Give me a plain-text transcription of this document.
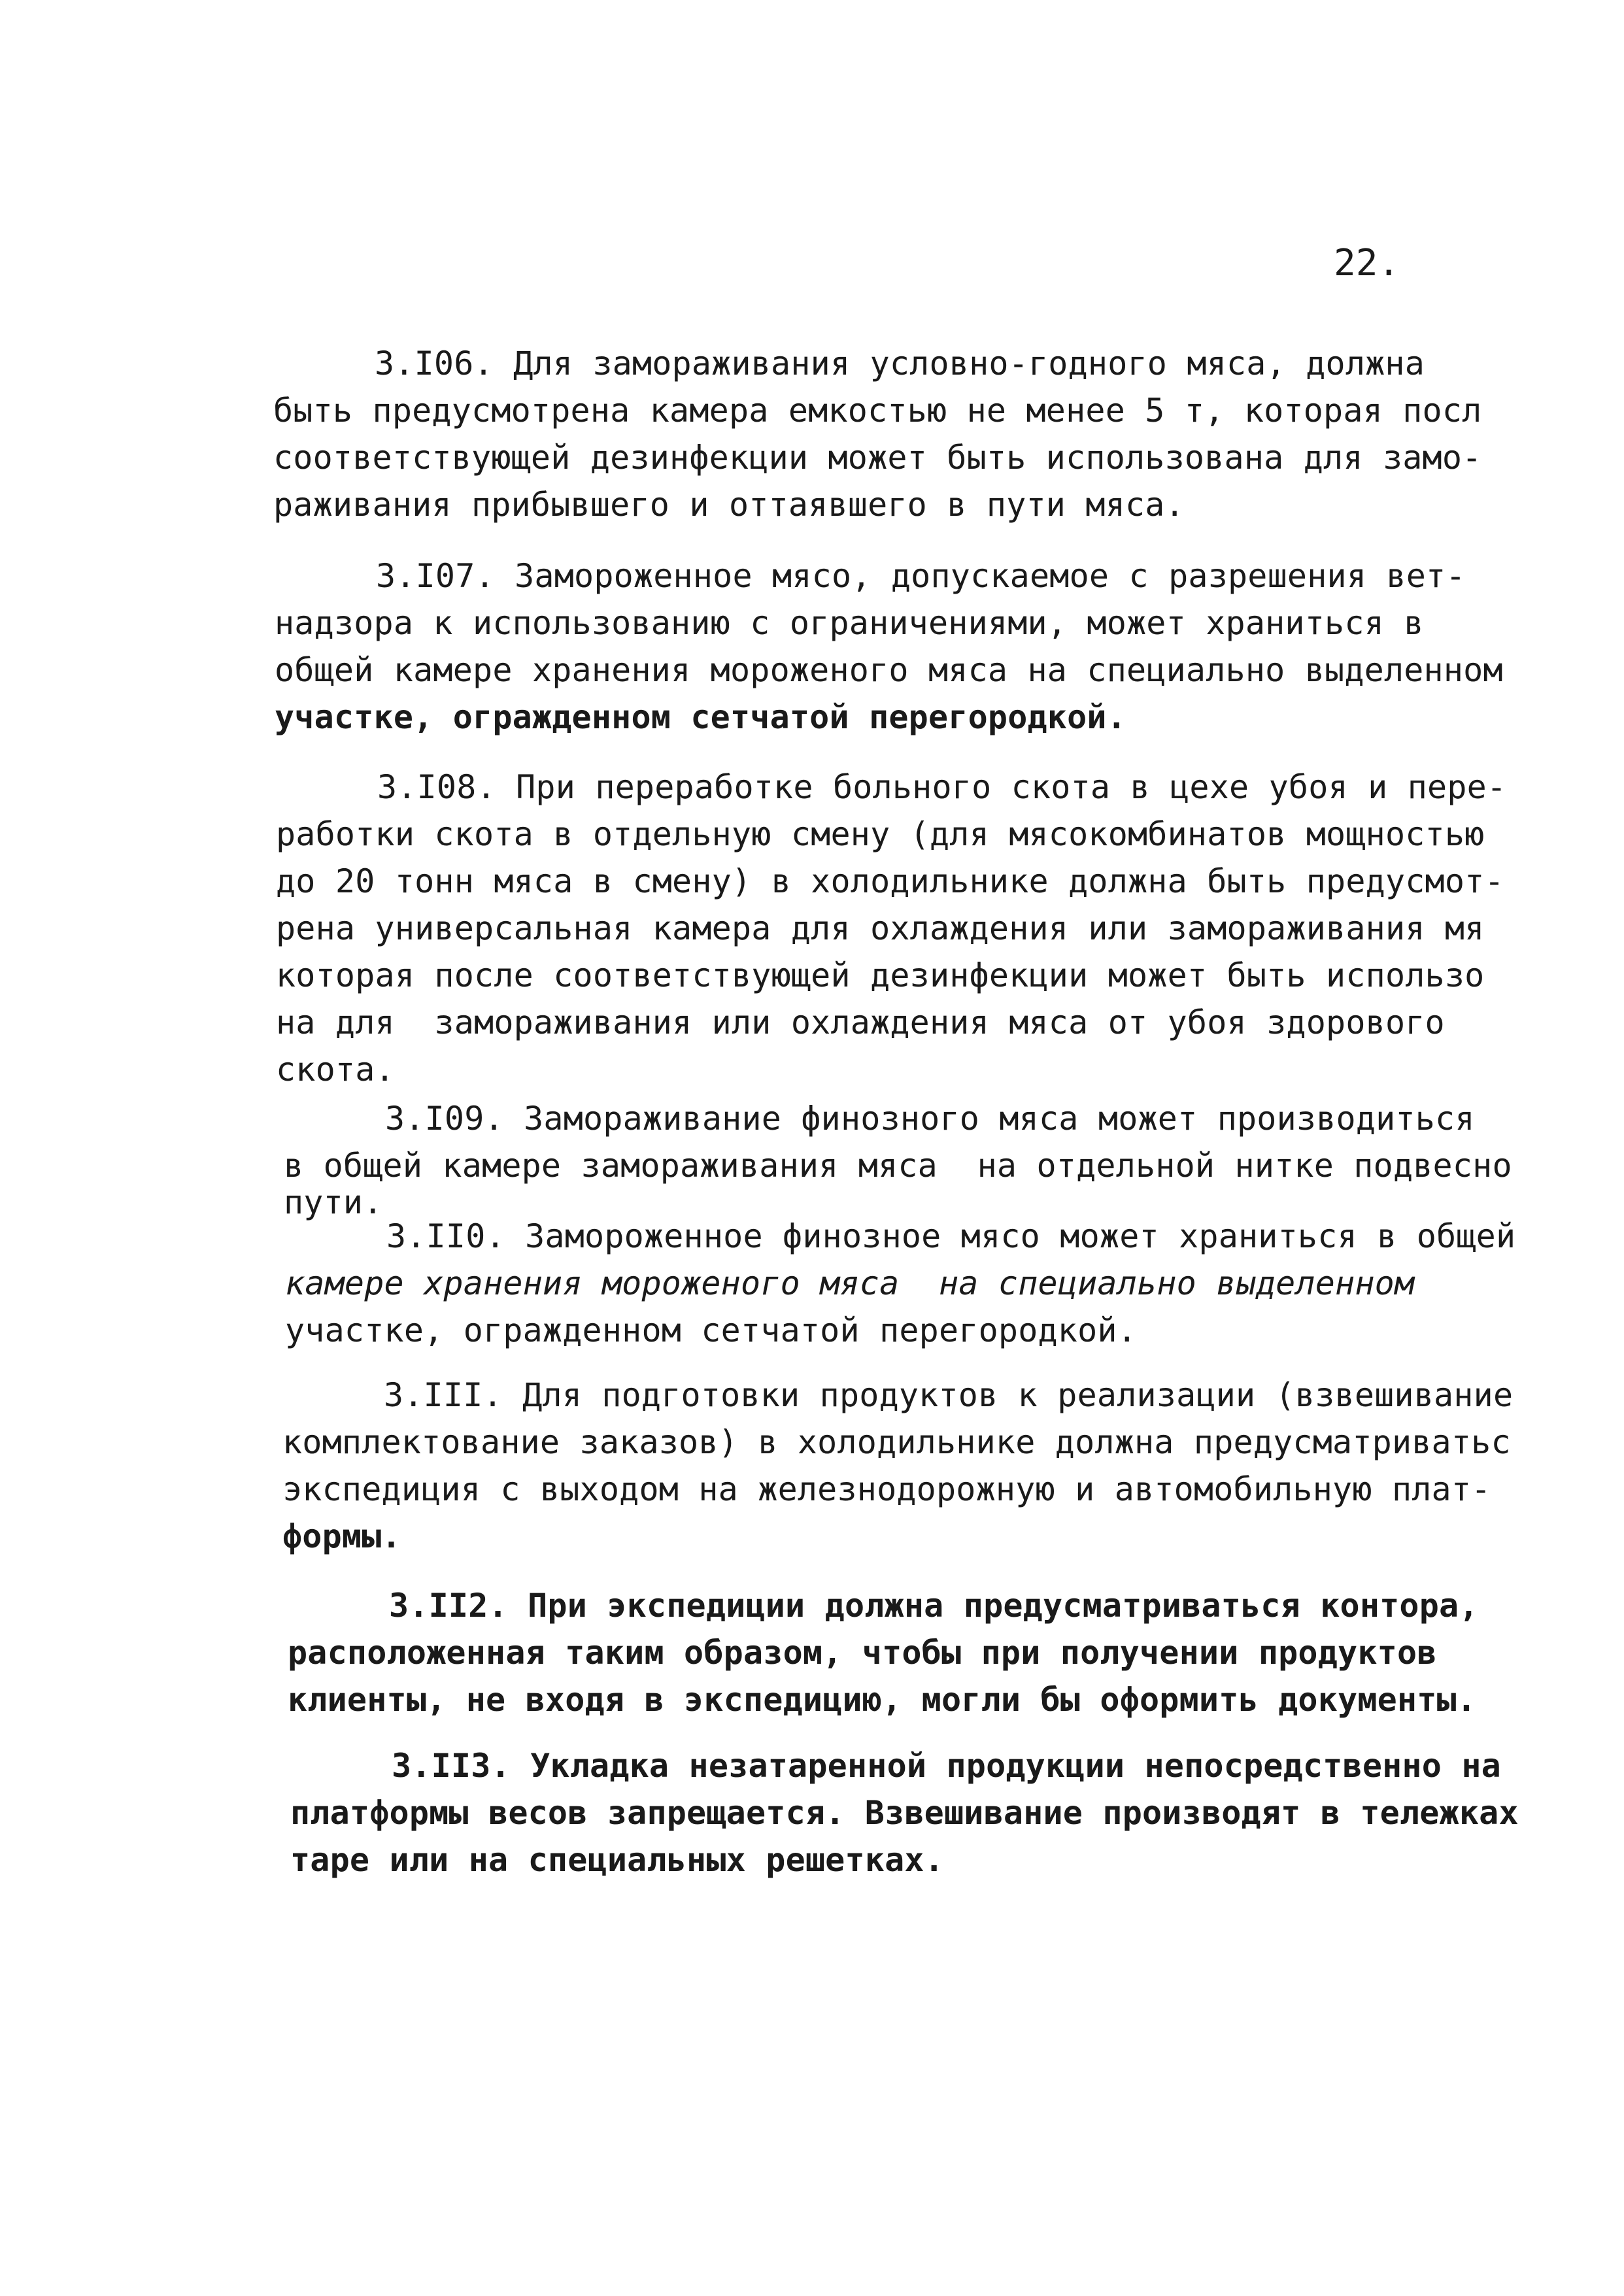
22.
3.I06. Для замораживания условно-годного мяса, должна
быть предусмотрена камера емкостью не менее 5 т, которая посл
соответствующей дезинфекции может быть использована для замо-
раживания прибывшего и оттаявшего в пути мяса.
3.I07. Замороженное мясо, допускаемое с разрешения вет-
надзора к использованию с ограничениями, может храниться в
общей камере хранения мороженого мяса на специально выделенном
участке, огражденном сетчатой перегородкой.
3.I08. При переработке больного скота в цехе убоя и пере-
работки скота в отдельную смену (для мясокомбинатов мощностью
до 20 тонн мяса в смену) в холодильнике должна быть предусмот-
рена универсальная камера для охлаждения или замораживания мя
которая после соответствующей дезинфекции может быть использо
на для  замораживания или охлаждения мяса от убоя здорового
скота.
3.I09. Замораживание финозного мяса может производиться
в общей камере замораживания мяса  на отдельной нитке подвесно
пути.
3.II0. Замороженное финозное мясо может храниться в общей
камере хранения мороженого мяса  на специально выделенном
участке, огражденном сетчатой перегородкой.
3.III. Для подготовки продуктов к реализации (взвешивание
комплектование заказов) в холодильнике должна предусматриватьс
экспедиция с выходом на железнодорожную и автомобильную плат-
формы.
3.II2. При экспедиции должна предусматриваться контора,
расположенная таким образом, чтобы при получении продуктов
клиенты, не входя в экспедицию, могли бы оформить документы.
3.II3. Укладка незатаренной продукции непосредственно на
платформы весов запрещается. Взвешивание производят в тележках
таре или на специальных решетках.
